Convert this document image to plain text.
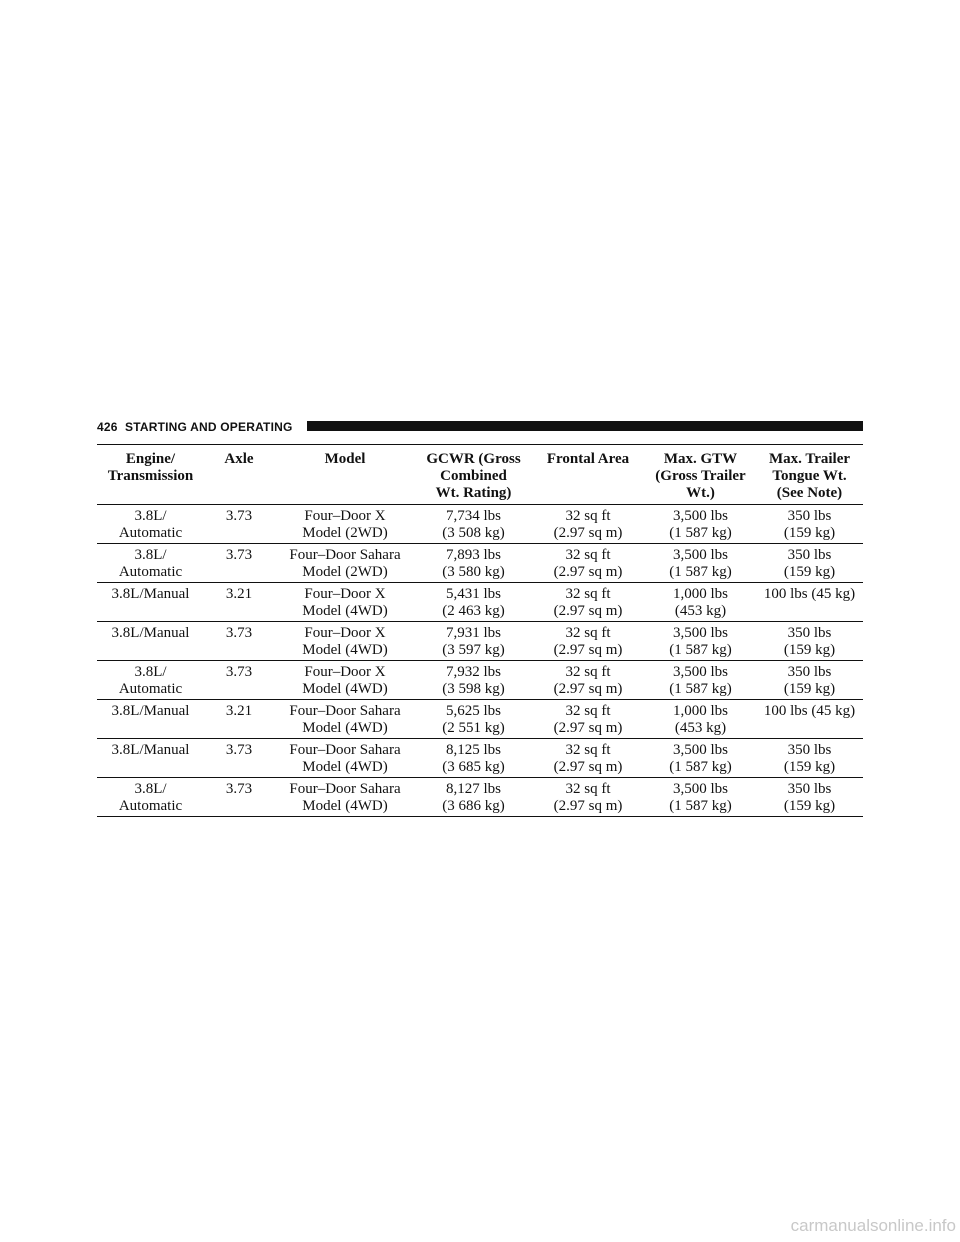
426 STARTING AND OPERATING
Engine/
Transmission	Axle	Model	GCWR (Gross
Combined
Wt. Rating)	Frontal Area	Max. GTW
(Gross Trailer
Wt.)	Max. Trailer
Tongue Wt.
(See Note)

3.8L/
Automatic	3.73	Four–Door X
Model (2WD)	7,734 lbs
(3 508 kg)	32 sq ft
(2.97 sq m)	3,500 lbs
(1 587 kg)	350 lbs
(159 kg)

3.8L/
Automatic	3.73	Four–Door Sahara
Model (2WD)	7,893 lbs
(3 580 kg)	32 sq ft
(2.97 sq m)	3,500 lbs
(1 587 kg)	350 lbs
(159 kg)

3.8L/Manual	3.21	Four–Door X
Model (4WD)	5,431 lbs
(2 463 kg)	32 sq ft
(2.97 sq m)	1,000 lbs
(453 kg)	100 lbs (45 kg)

3.8L/Manual	3.73	Four–Door X
Model (4WD)	7,931 lbs
(3 597 kg)	32 sq ft
(2.97 sq m)	3,500 lbs
(1 587 kg)	350 lbs
(159 kg)

3.8L/
Automatic	3.73	Four–Door X
Model (4WD)	7,932 lbs
(3 598 kg)	32 sq ft
(2.97 sq m)	3,500 lbs
(1 587 kg)	350 lbs
(159 kg)

3.8L/Manual	3.21	Four–Door Sahara
Model (4WD)	5,625 lbs
(2 551 kg)	32 sq ft
(2.97 sq m)	1,000 lbs
(453 kg)	100 lbs (45 kg)

3.8L/Manual	3.73	Four–Door Sahara
Model (4WD)	8,125 lbs
(3 685 kg)	32 sq ft
(2.97 sq m)	3,500 lbs
(1 587 kg)	350 lbs
(159 kg)

3.8L/
Automatic	3.73	Four–Door Sahara
Model (4WD)	8,127 lbs
(3 686 kg)	32 sq ft
(2.97 sq m)	3,500 lbs
(1 587 kg)	350 lbs
(159 kg)
carmanualsonline.info
